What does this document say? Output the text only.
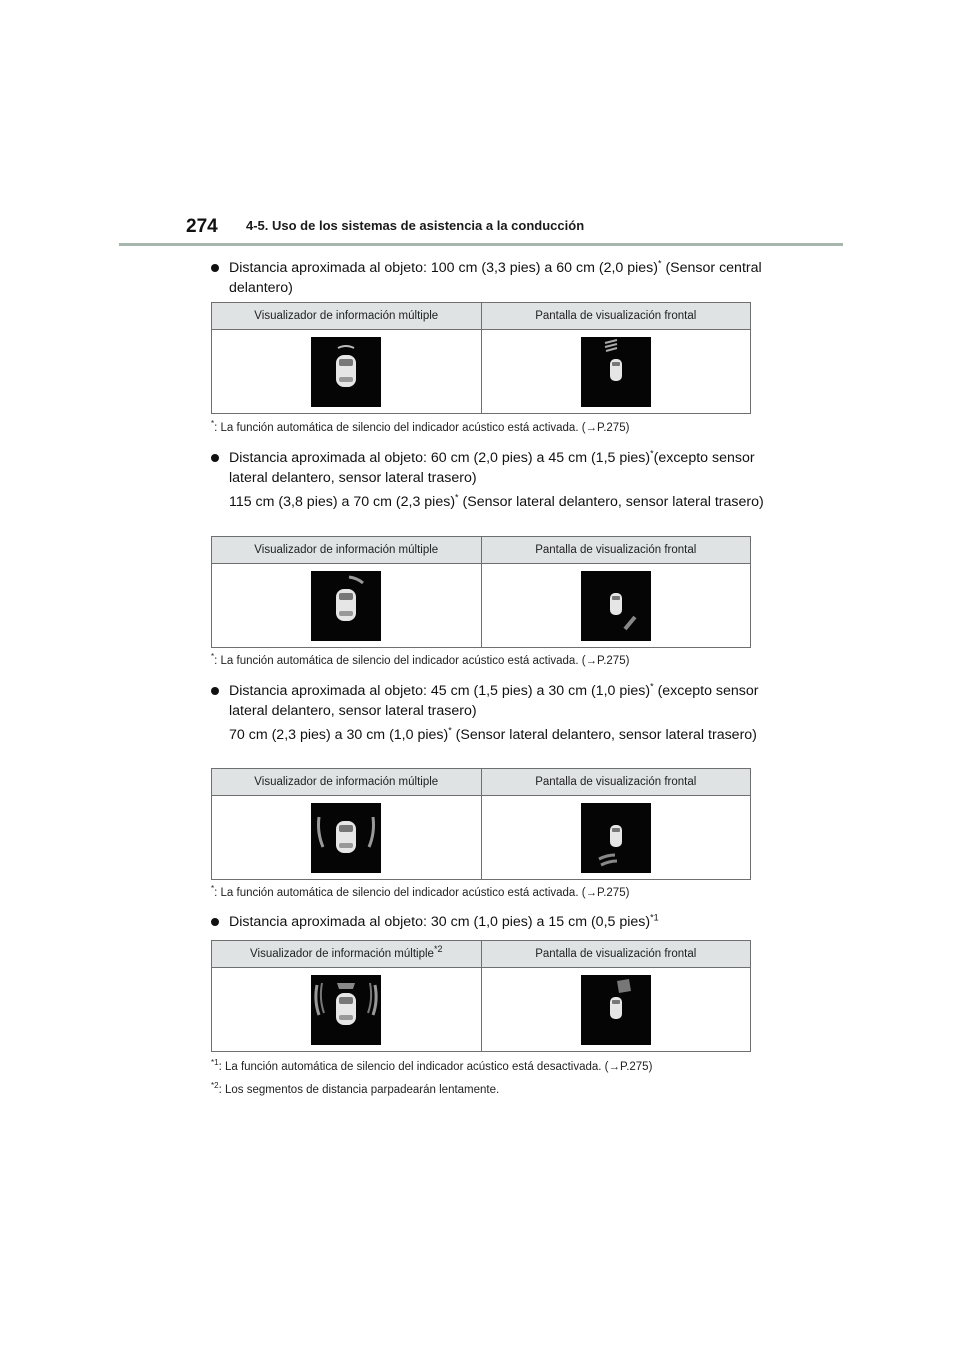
274 4-5. Uso de los sistemas de asistencia a la conducción
Distancia aproximada al objeto: 100 cm (3,3 pies) a 60 cm (2,0 pies)* (Sensor central delantero)
Visualizador de información múltiple	Pantalla de visualización frontal

*: La función automática de silencio del indicador acústico está activada. (→P.275)
Distancia aproximada al objeto: 60 cm (2,0 pies) a 45 cm (1,5 pies)*(excepto sensor lateral delantero, sensor lateral trasero)
115 cm (3,8 pies) a 70 cm (2,3 pies)* (Sensor lateral delantero, sensor lateral trasero)
Visualizador de información múltiple	Pantalla de visualización frontal

*: La función automática de silencio del indicador acústico está activada. (→P.275)
Distancia aproximada al objeto: 45 cm (1,5 pies) a 30 cm (1,0 pies)* (excepto sensor lateral delantero, sensor lateral trasero)
70 cm (2,3 pies) a 30 cm (1,0 pies)* (Sensor lateral delantero, sensor lateral trasero)
Visualizador de información múltiple	Pantalla de visualización frontal

*: La función automática de silencio del indicador acústico está activada. (→P.275)
Distancia aproximada al objeto: 30 cm (1,0 pies) a 15 cm (0,5 pies)$^{*1}$
Visualizador de información múltiple$^{*2}$	Pantalla de visualización frontal

$^{*1}$: La función automática de silencio del indicador acústico está desactivada. (→P.275)
$^{*2}$: Los segmentos de distancia parpadearán lentamente.
